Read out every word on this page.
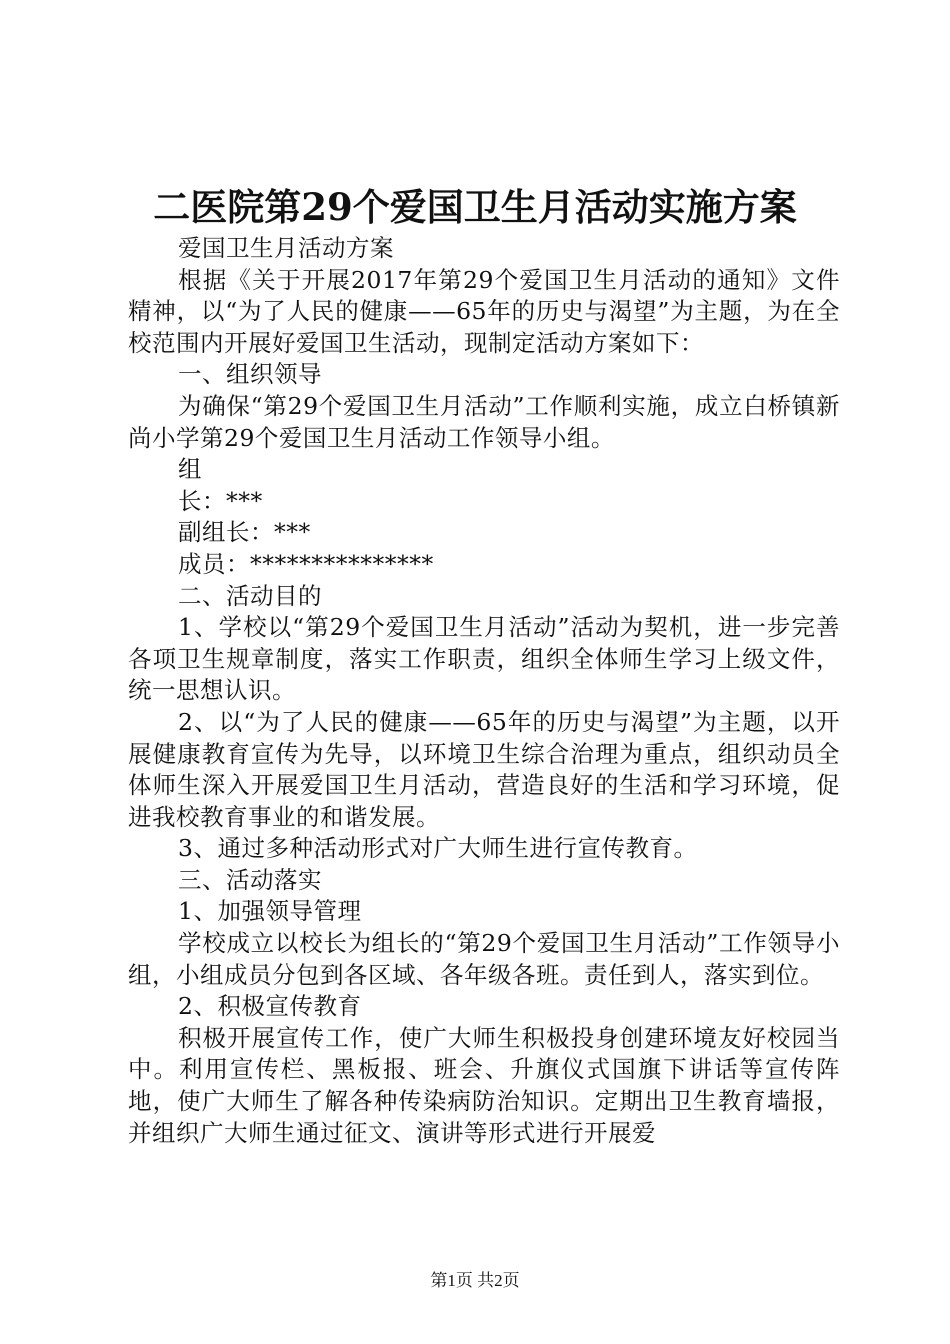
二医院第29个爱国卫生月活动实施方案

爱国卫生月活动方案

根据《关于开展2017年第29个爱国卫生月活动的通知》文件精神，以“为了人民的健康——65年的历史与渴望”为主题，为在全校范围内开展好爱国卫生活动，现制定活动方案如下：

一、组织领导

为确保“第29个爱国卫生月活动”工作顺利实施，成立白桥镇新尚小学第29个爱国卫生月活动工作领导小组。

组

长：***

副组长：***

成员：***************

二、活动目的

1、学校以“第29个爱国卫生月活动”活动为契机，进一步完善各项卫生规章制度，落实工作职责，组织全体师生学习上级文件，统一思想认识。

2、以“为了人民的健康——65年的历史与渴望”为主题，以开展健康教育宣传为先导，以环境卫生综合治理为重点，组织动员全体师生深入开展爱国卫生月活动，营造良好的生活和学习环境，促进我校教育事业的和谐发展。

3、通过多种活动形式对广大师生进行宣传教育。

三、活动落实

1、加强领导管理

学校成立以校长为组长的“第29个爱国卫生月活动”工作领导小组，小组成员分包到各区域、各年级各班。责任到人，落实到位。

2、积极宣传教育

积极开展宣传工作，使广大师生积极投身创建环境友好校园当中。利用宣传栏、黑板报、班会、升旗仪式国旗下讲话等宣传阵地，使广大师生了解各种传染病防治知识。定期出卫生教育墙报，并组织广大师生通过征文、演讲等形式进行开展爱

第1页 共2页
